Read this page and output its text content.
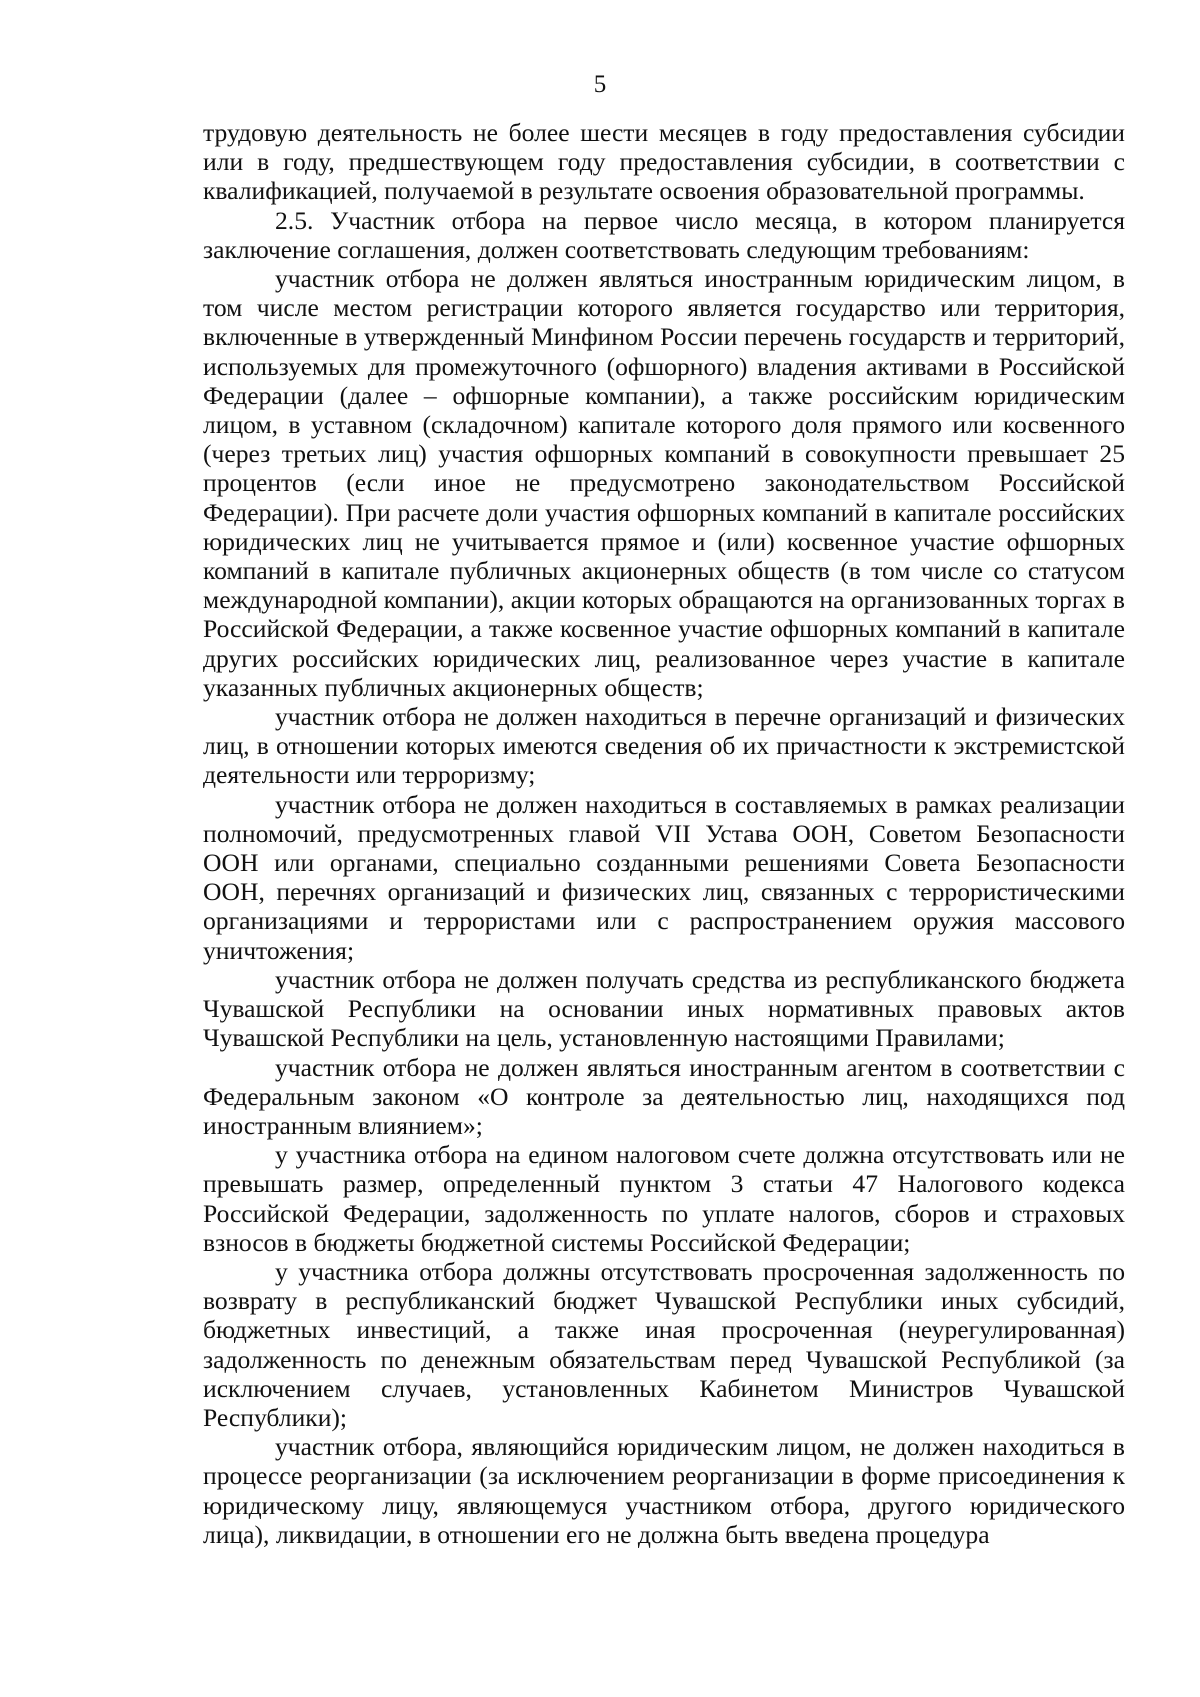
5

трудовую деятельность не более шести месяцев в году предоставления субсидии или в году, предшествующем году предоставления субсидии, в соответствии с квалификацией, получаемой в результате освоения образовательной программы.

2.5. Участник отбора на первое число месяца, в котором планируется заключение соглашения, должен соответствовать следующим требованиям:

участник отбора не должен являться иностранным юридическим лицом, в том числе местом регистрации которого является государство или территория, включенные в утвержденный Минфином России перечень государств и территорий, используемых для промежуточного (офшорного) владения активами в Российской Федерации (далее – офшорные компании), а также российским юридическим лицом, в уставном (складочном) капитале которого доля прямого или косвенного (через третьих лиц) участия офшорных компаний в совокупности превышает 25 процентов (если иное не предусмотрено законодательством Российской Федерации). При расчете доли участия офшорных компаний в капитале российских юридических лиц не учитывается прямое и (или) косвенное участие офшорных компаний в капитале публичных акционерных обществ (в том числе со статусом международной компании), акции которых обращаются на организованных торгах в Российской Федерации, а также косвенное участие офшорных компаний в капитале других российских юридических лиц, реализованное через участие в капитале указанных публичных акционерных обществ;

участник отбора не должен находиться в перечне организаций и физических лиц, в отношении которых имеются сведения об их причастности к экстремистской деятельности или терроризму;

участник отбора не должен находиться в составляемых в рамках реализации полномочий, предусмотренных главой VII Устава ООН, Советом Безопасности ООН или органами, специально созданными решениями Совета Безопасности ООН, перечнях организаций и физических лиц, связанных с террористическими организациями и террористами или с распространением оружия массового уничтожения;

участник отбора не должен получать средства из республиканского бюджета Чувашской Республики на основании иных нормативных правовых актов Чувашской Республики на цель, установленную настоящими Правилами;

участник отбора не должен являться иностранным агентом в соответствии с Федеральным законом «О контроле за деятельностью лиц, находящихся под иностранным влиянием»;

у участника отбора на едином налоговом счете должна отсутствовать или не превышать размер, определенный пунктом 3 статьи 47 Налогового кодекса Российской Федерации, задолженность по уплате налогов, сборов и страховых взносов в бюджеты бюджетной системы Российской Федерации;

у участника отбора должны отсутствовать просроченная задолженность по возврату в республиканский бюджет Чувашской Республики иных субсидий, бюджетных инвестиций, а также иная просроченная (неурегулированная) задолженность по денежным обязательствам перед Чувашской Республикой (за исключением случаев, установленных Кабинетом Министров Чувашской Республики);

участник отбора, являющийся юридическим лицом, не должен находиться в процессе реорганизации (за исключением реорганизации в форме присоединения к юридическому лицу, являющемуся участником отбора, другого юридического лица), ликвидации, в отношении его не должна быть введена процедура
